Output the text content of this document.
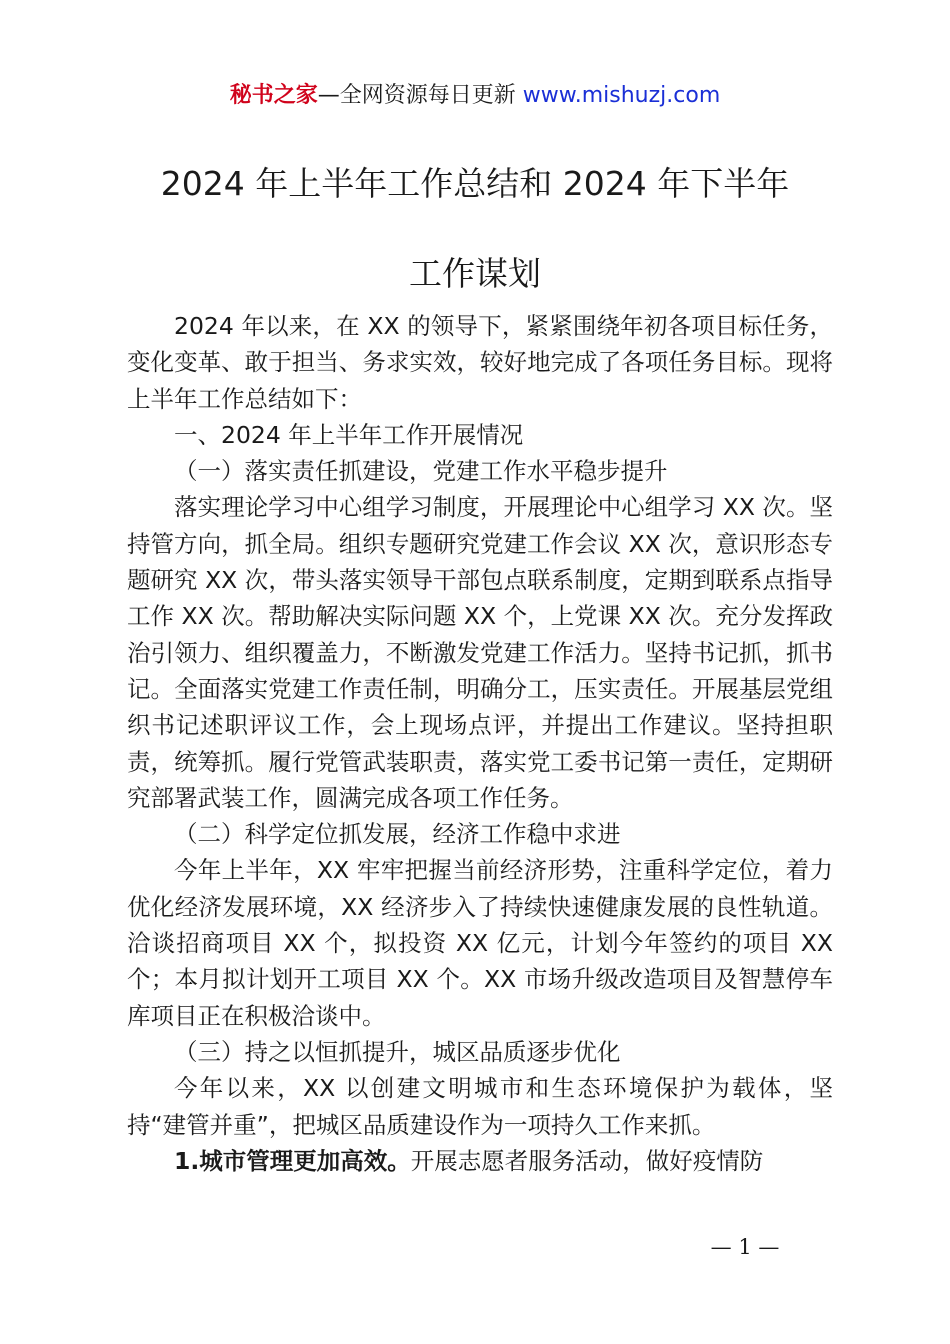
秘书之家—全网资源每日更新 www.mishuzj.com
2024 年上半年工作总结和 2024 年下半年
工作谋划

2024 年以来，在 XX 的领导下，紧紧围绕年初各项目标任务，变化变革、敢于担当、务求实效，较好地完成了各项任务目标。现将上半年工作总结如下：

一、2024 年上半年工作开展情况

（一）落实责任抓建设，党建工作水平稳步提升

落实理论学习中心组学习制度，开展理论中心组学习 XX 次。坚持管方向，抓全局。组织专题研究党建工作会议 XX 次，意识形态专题研究 XX 次，带头落实领导干部包点联系制度，定期到联系点指导工作 XX 次。帮助解决实际问题 XX 个，上党课 XX 次。充分发挥政治引领力、组织覆盖力，不断激发党建工作活力。坚持书记抓，抓书记。全面落实党建工作责任制，明确分工，压实责任。开展基层党组织书记述职评议工作，会上现场点评，并提出工作建议。坚持担职责，统筹抓。履行党管武装职责，落实党工委书记第一责任，定期研究部署武装工作，圆满完成各项工作任务。

（二）科学定位抓发展，经济工作稳中求进

今年上半年，XX 牢牢把握当前经济形势，注重科学定位，着力优化经济发展环境，XX 经济步入了持续快速健康发展的良性轨道。洽谈招商项目 XX 个，拟投资 XX 亿元，计划今年签约的项目 XX 个；本月拟计划开工项目 XX 个。XX 市场升级改造项目及智慧停车库项目正在积极洽谈中。

（三）持之以恒抓提升，城区品质逐步优化

今年以来，XX 以创建文明城市和生态环境保护为载体，坚持“建管并重”，把城区品质建设作为一项持久工作来抓。

1.城市管理更加高效。开展志愿者服务活动，做好疫情防

— 1 —
